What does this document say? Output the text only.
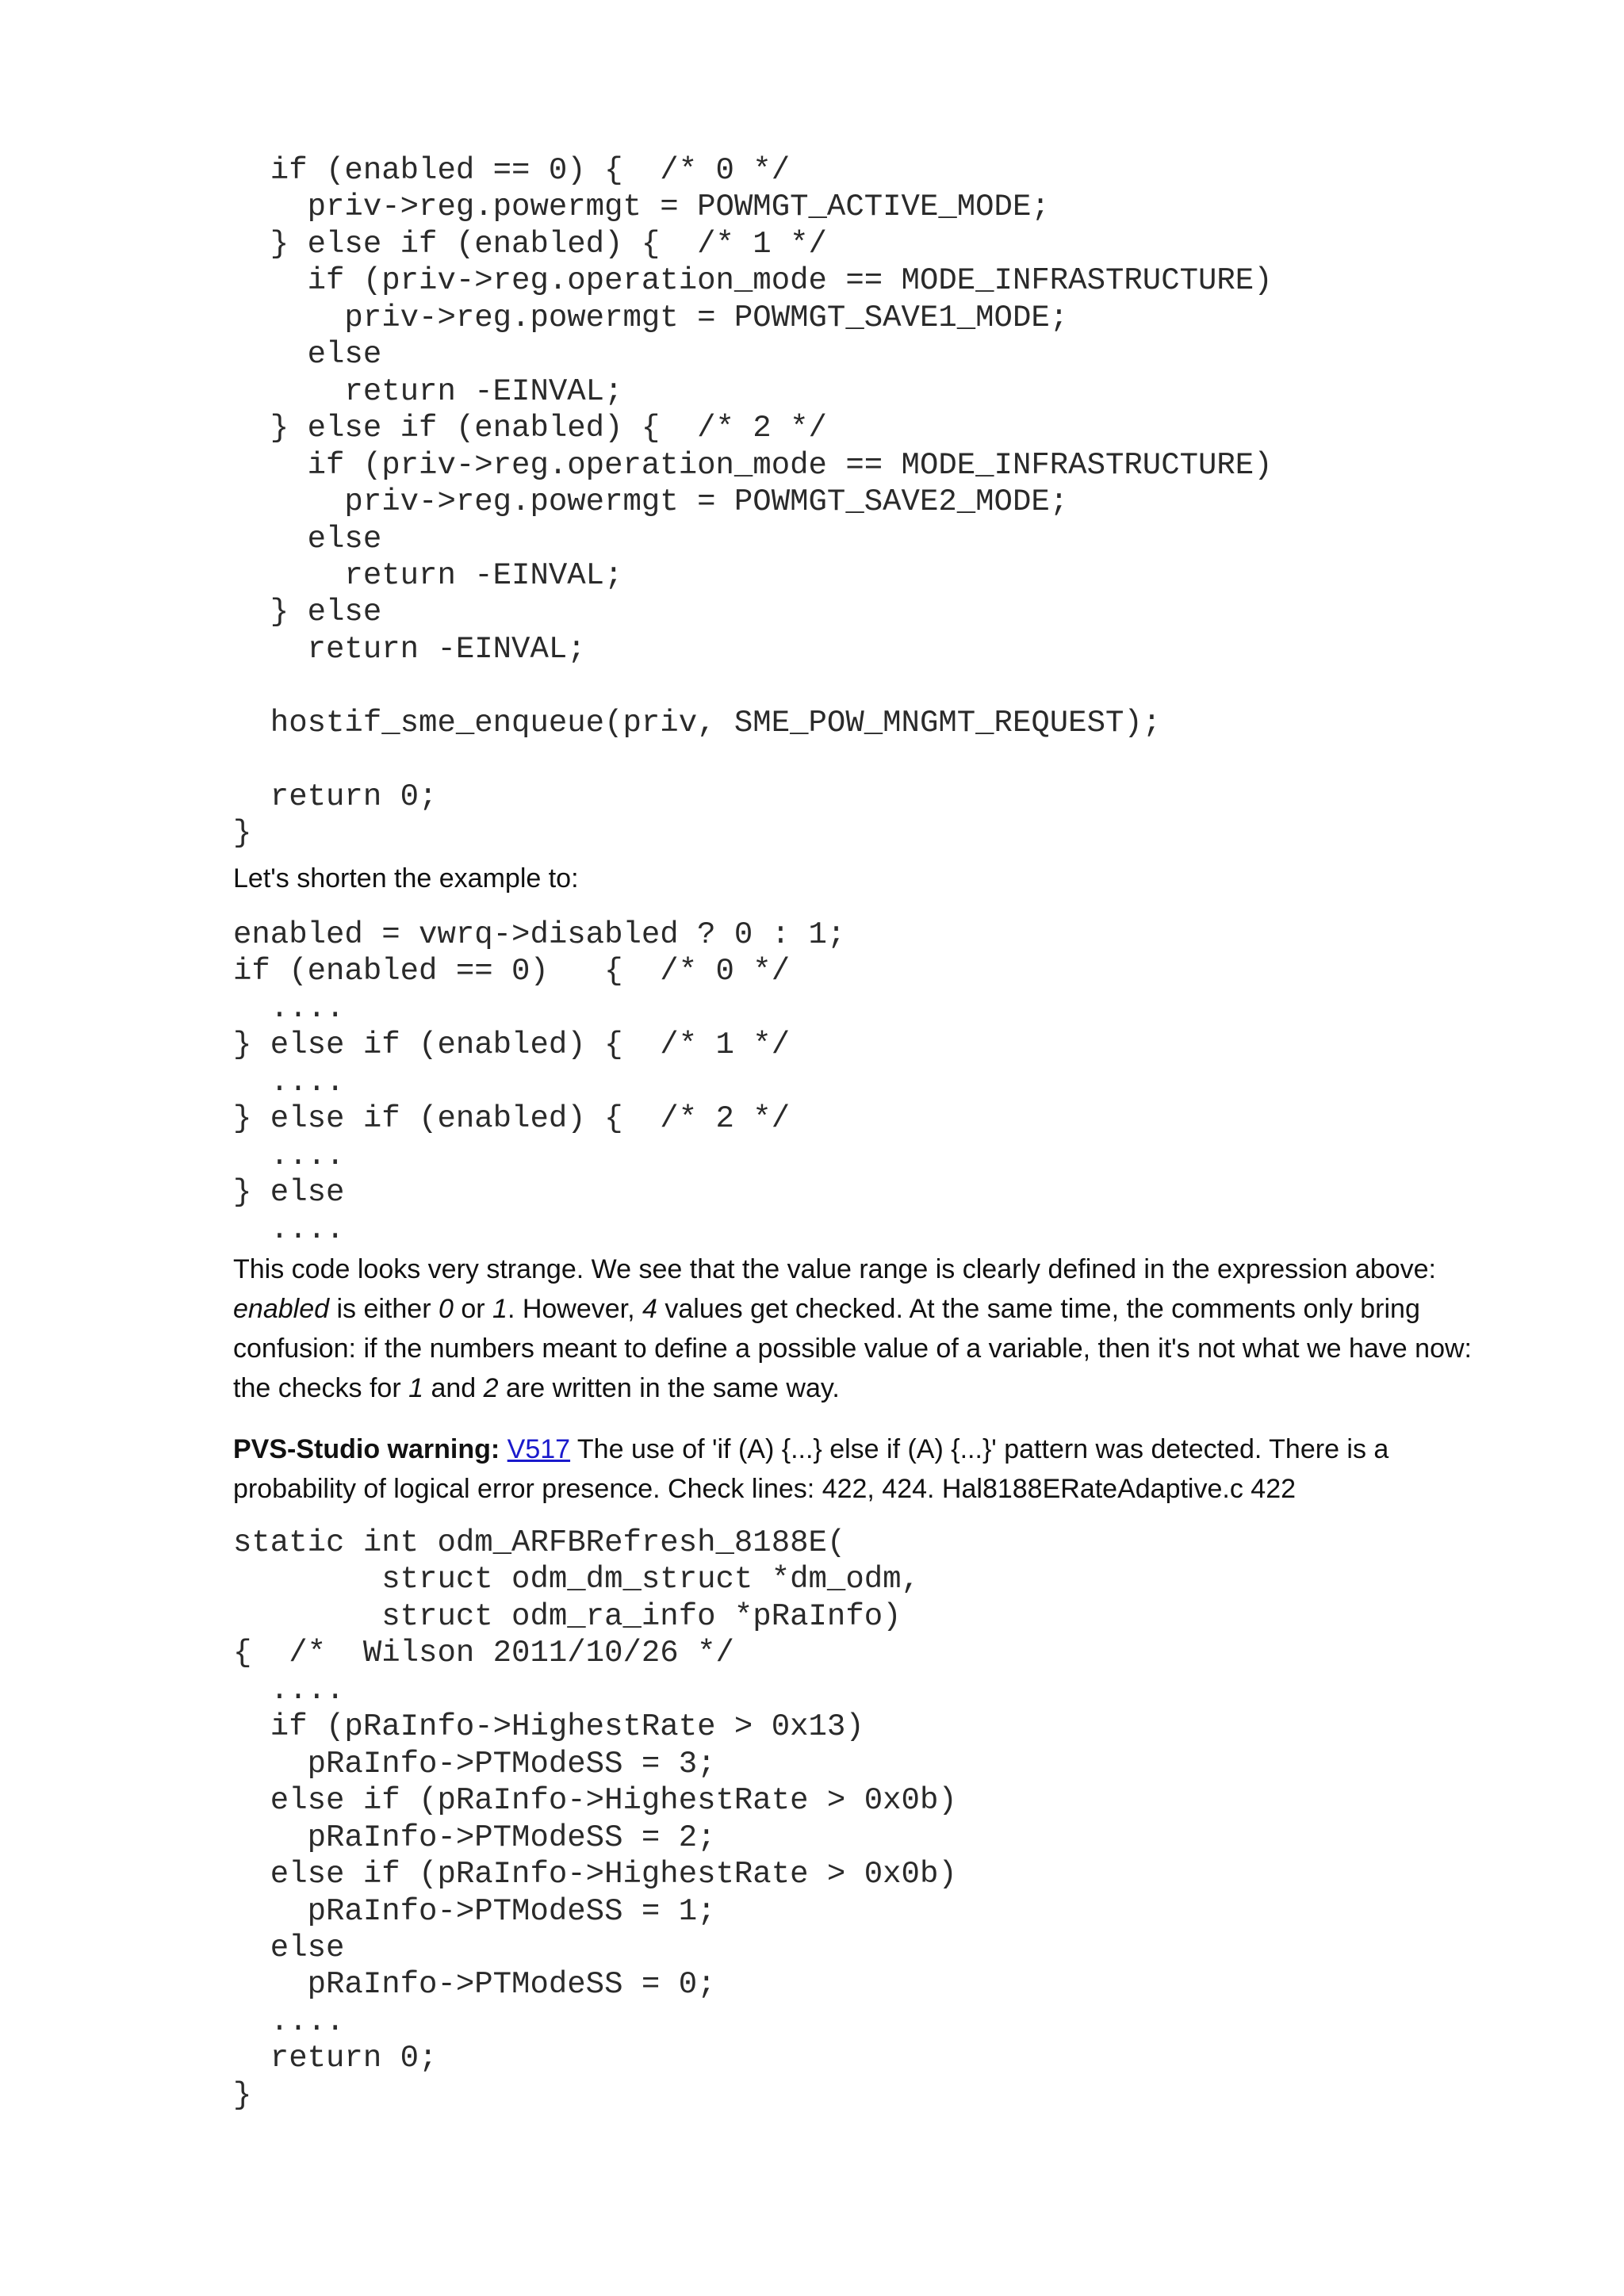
if (enabled == 0) {  /* 0 */
priv->reg.powermgt = POWMGT_ACTIVE_MODE;
} else if (enabled) {  /* 1 */
if (priv->reg.operation_mode == MODE_INFRASTRUCTURE)
priv->reg.powermgt = POWMGT_SAVE1_MODE;
else
return -EINVAL;
} else if (enabled) {  /* 2 */
if (priv->reg.operation_mode == MODE_INFRASTRUCTURE)
priv->reg.powermgt = POWMGT_SAVE2_MODE;
else
return -EINVAL;
} else
return -EINVAL;

hostif_sme_enqueue(priv, SME_POW_MNGMT_REQUEST);

return 0;
}

Let's shorten the example to:

enabled = vwrq->disabled ? 0 : 1;
if (enabled == 0)   {  /* 0 */
....
} else if (enabled) {  /* 1 */
....
} else if (enabled) {  /* 2 */
....
} else
....

This code looks very strange. We see that the value range is clearly defined in the expression above: enabled is either 0 or 1. However, 4 values get checked. At the same time, the comments only bring confusion: if the numbers meant to define a possible value of a variable, then it's not what we have now: the checks for 1 and 2 are written in the same way.

PVS-Studio warning: V517 The use of 'if (A) {...} else if (A) {...}' pattern was detected. There is a probability of logical error presence. Check lines: 422, 424. Hal8188ERateAdaptive.c 422

static int odm_ARFBRefresh_8188E(
struct odm_dm_struct *dm_odm,
struct odm_ra_info *pRaInfo)
{  /*  Wilson 2011/10/26 */
....
if (pRaInfo->HighestRate > 0x13)
pRaInfo->PTModeSS = 3;
else if (pRaInfo->HighestRate > 0x0b)
pRaInfo->PTModeSS = 2;
else if (pRaInfo->HighestRate > 0x0b)
pRaInfo->PTModeSS = 1;
else
pRaInfo->PTModeSS = 0;
....
return 0;
}
